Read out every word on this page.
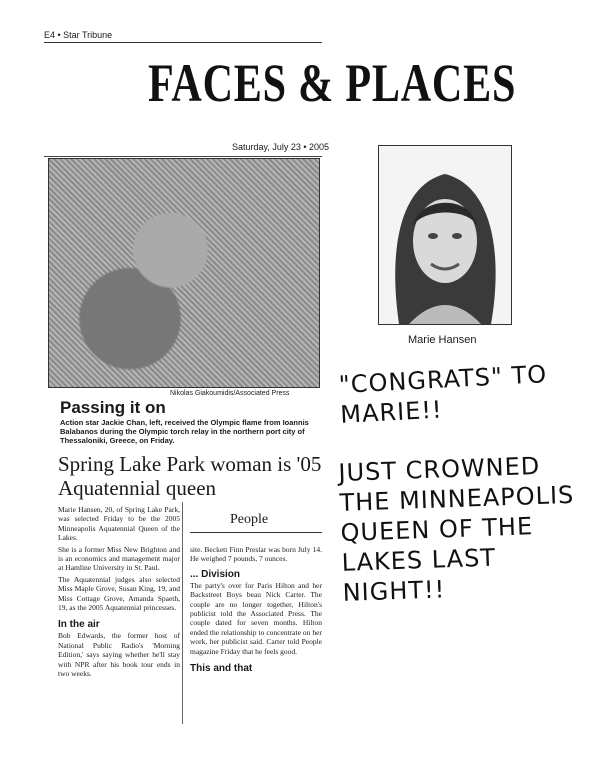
E4 • Star Tribune
FACES & PLACES
Saturday, July 23 • 2005
Nikolas Giakoumidis/Associated Press
Passing it on
Action star Jackie Chan, left, received the Olympic flame from Ioannis Balabanos during the Olympic torch relay in the northern port city of Thessaloniki, Greece, on Friday.
Spring Lake Park woman is '05 Aquatennial queen

Marie Hansen, 20, of Spring Lake Park, was selected Friday to be the 2005 Minneapolis Aquatennial Queen of the Lakes.

She is a former Miss New Brighton and is an economics and management major at Hamline University in St. Paul.

The Aquatennial judges also selected Miss Maple Grove, Susan King, 19, and Miss Cottage Grove, Amanda Spaeth, 19, as the 2005 Aquatennial princesses.

In the air

Bob Edwards, the former host of National Public Radio's 'Morning Edition,' says saying whether he'll stay with NPR after his book tour ends in two weeks.

People

site. Beckett Finn Preslar was born July 14. He weighed 7 pounds, 7 ounces.

... Division

The party's over for Paris Hilton and her Backstreet Boys beau Nick Carter. The couple are no longer together, Hilton's publicist told the Associated Press. The couple dated for seven months. Hilton ended the relationship to concentrate on her work, her publicist said. Carter told People magazine Friday that he feels good.

This and that
Marie Hansen
"CONGRATS" TO MARIE!!
JUST CROWNED THE MINNEAPOLIS QUEEN OF THE LAKES LAST NIGHT!!
